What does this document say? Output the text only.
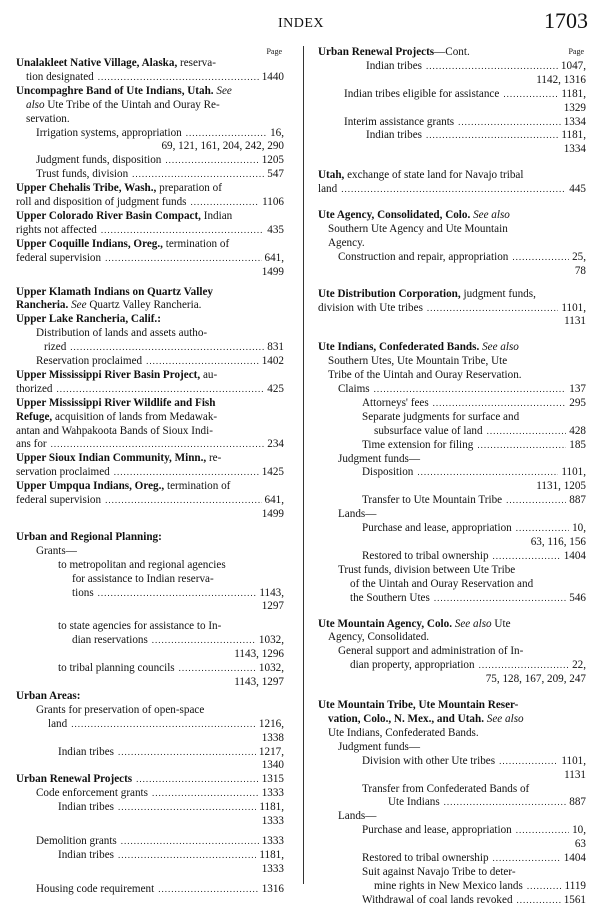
INDEX	1703
Page
Unalakleet Native Village, Alaska, reserva-
tion designated .....	1440
Uncompaghre Band of Ute Indians, Utah. See
also Ute Tribe of the Uintah and Ouray Re-
servation.
Irrigation systems, appropriation .....	16,
69, 121, 161, 204, 242, 290
Judgment funds, disposition .....	1205
Trust funds, division .....	547
Upper Chehalis Tribe, Wash., preparation of
roll and disposition of judgment funds .....	1106
Upper Colorado River Basin Compact, Indian
rights not affected .....	435
Upper Coquille Indians, Oreg., termination of
federal supervision .....	641,
1499
Upper Klamath Indians on Quartz Valley
Rancheria. See Quartz Valley Rancheria.
Upper Lake Rancheria, Calif.:
Distribution of lands and assets autho-
rized .....	831
Reservation proclaimed .....	1402
Upper Mississippi River Basin Project, au-
thorized .....	425
Upper Mississippi River Wildlife and Fish
Refuge, acquisition of lands from Medawak-
antan and Wahpakoota Bands of Sioux Indi-
ans for .....	234
Upper Sioux Indian Community, Minn., re-
servation proclaimed .....	1425
Upper Umpqua Indians, Oreg., termination of
federal supervision .....	641,
1499
Urban and Regional Planning:
Grants—
to metropolitan and regional agencies
for assistance to Indian reserva-
tions .....	1143,
1297
to state agencies for assistance to In-
dian reservations .....	1032,
1143, 1296
to tribal planning councils .....	1032,
1143, 1297
Urban Areas:
Grants for preservation of open-space
land .....	1216,
1338
Indian tribes .....	1217,
1340
Urban Renewal Projects .....	1315
Code enforcement grants .....	1333
Indian tribes .....	1181,
1333
Demolition grants .....	1333
Indian tribes .....	1181,
1333
Housing code requirement .....	1316
Urban Renewal Projects—Cont.	Page
Indian tribes .....	1047,
1142, 1316
Indian tribes eligible for assistance .....	1181,
1329
Interim assistance grants .....	1334
Indian tribes .....	1181,
1334
Utah, exchange of state land for Navajo tribal
land .....	445
Ute Agency, Consolidated, Colo. See also
Southern Ute Agency and Ute Mountain
Agency.
Construction and repair, appropriation .....	25,
78
Ute Distribution Corporation, judgment funds,
division with Ute tribes .....	1101,
1131
Ute Indians, Confederated Bands. See also
Southern Utes, Ute Mountain Tribe, Ute
Tribe of the Uintah and Ouray Reservation.
Claims .....	137
Attorneys' fees .....	295
Separate judgments for surface and
subsurface value of land .....	428
Time extension for filing .....	185
Judgment funds—
Disposition .....	1101,
1131, 1205
Transfer to Ute Mountain Tribe .....	887
Lands—
Purchase and lease, appropriation .....	10,
63, 116, 156
Restored to tribal ownership .....	1404
Trust funds, division between Ute Tribe
of the Uintah and Ouray Reservation and
the Southern Utes .....	546
Ute Mountain Agency, Colo. See also Ute
Agency, Consolidated.
General support and administration of In-
dian property, appropriation .....	22,
75, 128, 167, 209, 247
Ute Mountain Tribe, Ute Mountain Reser-
vation, Colo., N. Mex., and Utah. See also
Ute Indians, Confederated Bands.
Judgment funds—
Division with other Ute tribes .....	1101,
1131
Transfer from Confederated Bands of
Ute Indians .....	887
Lands—
Purchase and lease, appropriation .....	10,
63
Restored to tribal ownership .....	1404
Suit against Navajo Tribe to deter-
mine rights in New Mexico lands .....	1119
Withdrawal of coal lands revoked .....	1561
